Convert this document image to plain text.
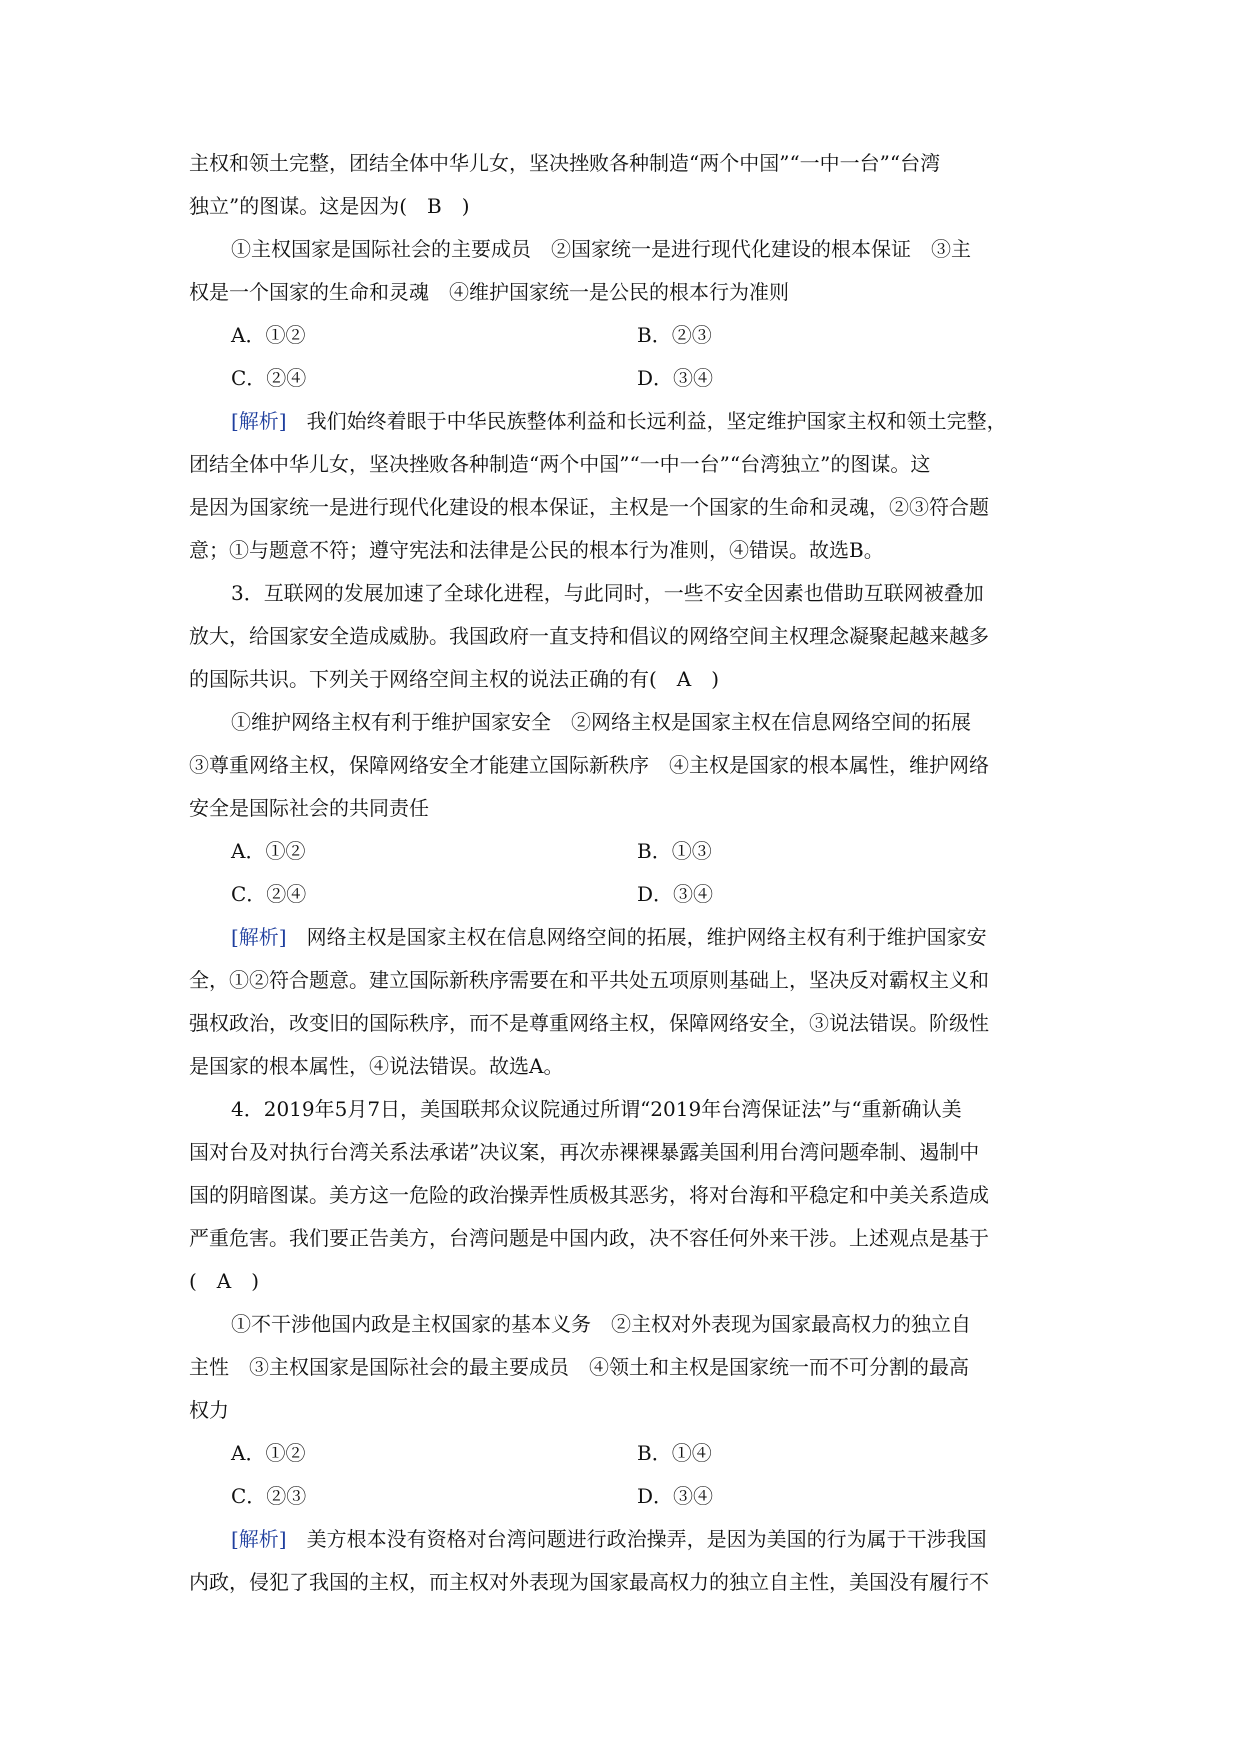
主权和领土完整，团结全体中华儿女，坚决挫败各种制造“两个中国”“一中一台”“台湾
独立”的图谋。这是因为(　B　)
①主权国家是国际社会的主要成员　②国家统一是进行现代化建设的根本保证　③主
权是一个国家的生命和灵魂　④维护国家统一是公民的根本行为准则
A．①②	B．②③
C．②④	D．③④
[解析]　我们始终着眼于中华民族整体利益和长远利益，坚定维护国家主权和领土完整，
团结全体中华儿女，坚决挫败各种制造“两个中国”“一中一台”“台湾独立”的图谋。这
是因为国家统一是进行现代化建设的根本保证，主权是一个国家的生命和灵魂，②③符合题
意；①与题意不符；遵守宪法和法律是公民的根本行为准则，④错误。故选B。
3．互联网的发展加速了全球化进程，与此同时，一些不安全因素也借助互联网被叠加
放大，给国家安全造成威胁。我国政府一直支持和倡议的网络空间主权理念凝聚起越来越多
的国际共识。下列关于网络空间主权的说法正确的有(　A　)
①维护网络主权有利于维护国家安全　②网络主权是国家主权在信息网络空间的拓展
③尊重网络主权，保障网络安全才能建立国际新秩序　④主权是国家的根本属性，维护网络
安全是国际社会的共同责任
A．①②	B．①③
C．②④	D．③④
[解析]　网络主权是国家主权在信息网络空间的拓展，维护网络主权有利于维护国家安
全，①②符合题意。建立国际新秩序需要在和平共处五项原则基础上，坚决反对霸权主义和
强权政治，改变旧的国际秩序，而不是尊重网络主权，保障网络安全，③说法错误。阶级性
是国家的根本属性，④说法错误。故选A。
4．2019年5月7日，美国联邦众议院通过所谓“2019年台湾保证法”与“重新确认美
国对台及对执行台湾关系法承诺”决议案，再次赤裸裸暴露美国利用台湾问题牵制、遏制中
国的阴暗图谋。美方这一危险的政治操弄性质极其恶劣，将对台海和平稳定和中美关系造成
严重危害。我们要正告美方，台湾问题是中国内政，决不容任何外来干涉。上述观点是基于
(　A　)
①不干涉他国内政是主权国家的基本义务　②主权对外表现为国家最高权力的独立自
主性　③主权国家是国际社会的最主要成员　④领土和主权是国家统一而不可分割的最高
权力
A．①②	B．①④
C．②③	D．③④
[解析]　美方根本没有资格对台湾问题进行政治操弄，是因为美国的行为属于干涉我国
内政，侵犯了我国的主权，而主权对外表现为国家最高权力的独立自主性，美国没有履行不
